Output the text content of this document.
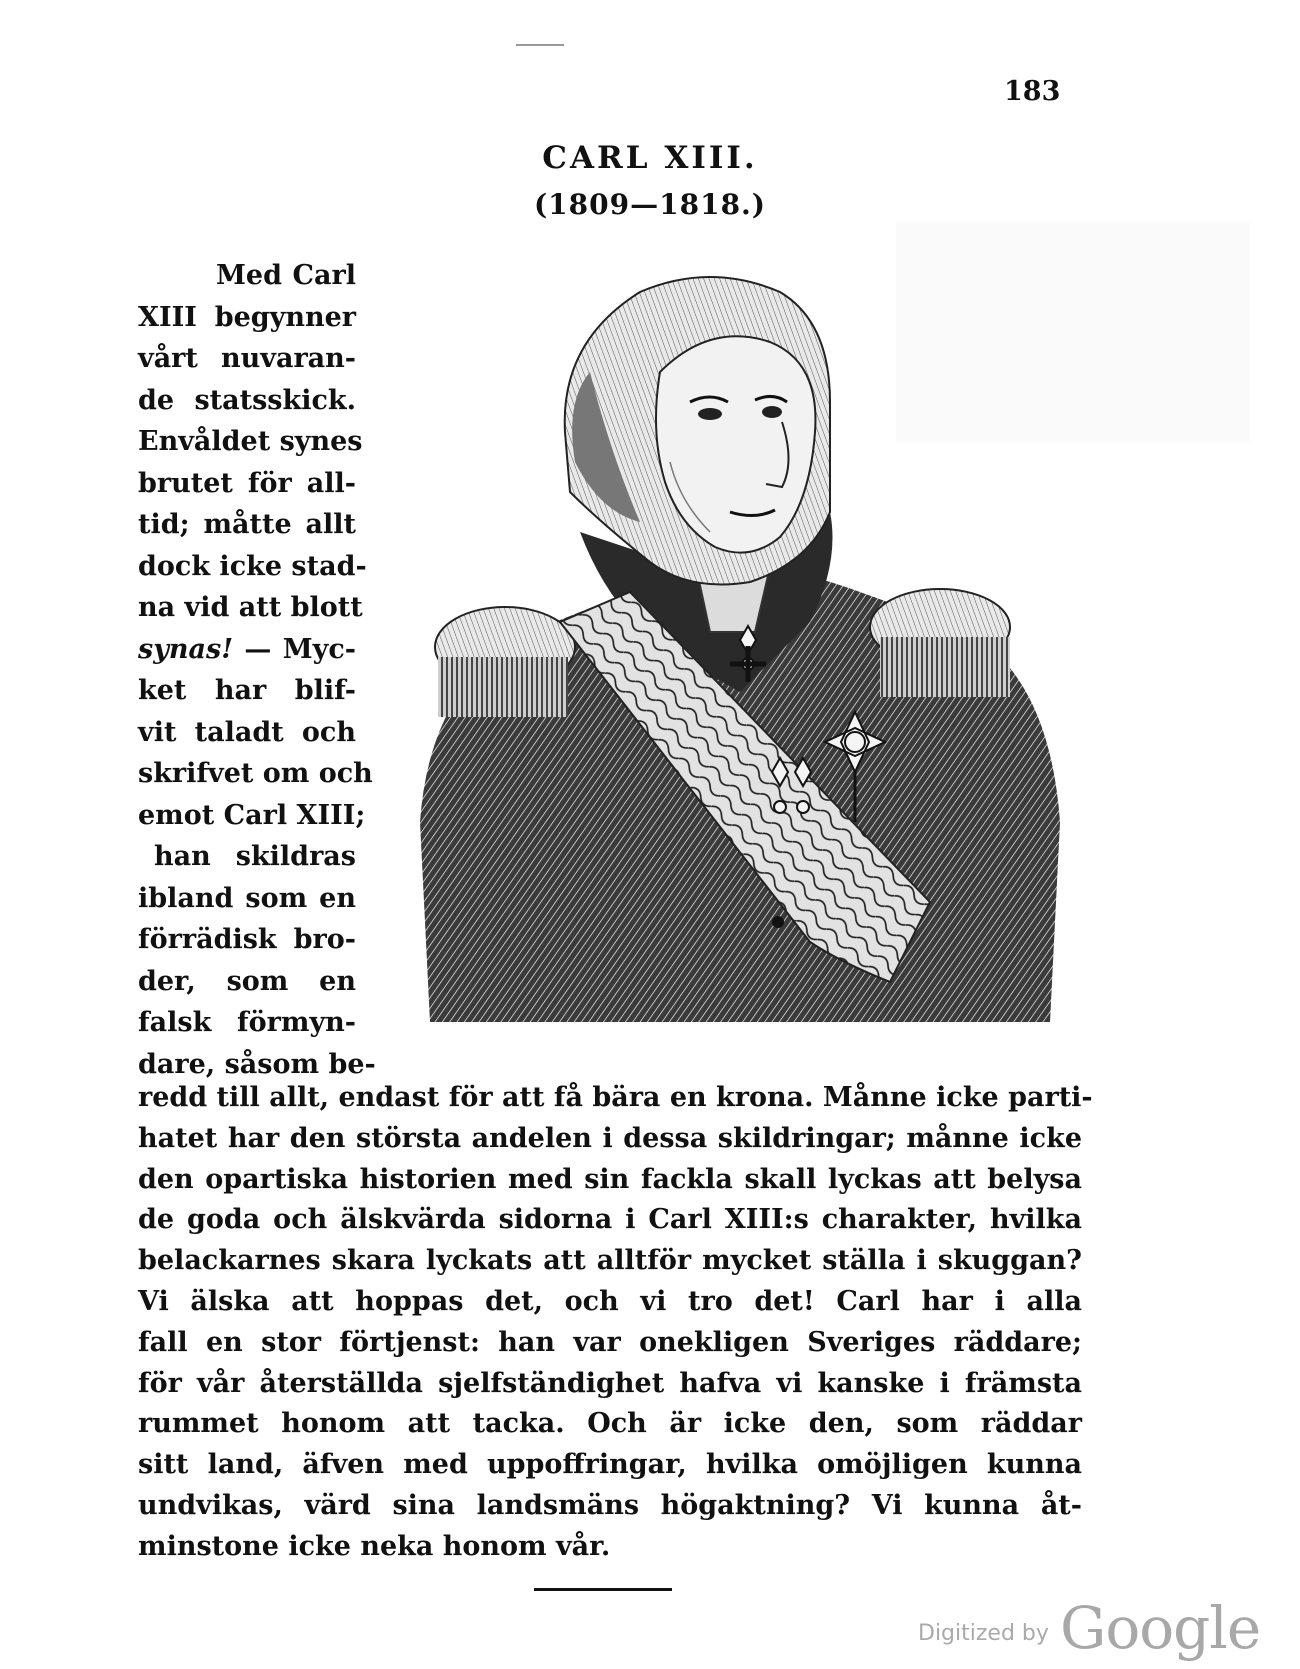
183
CARL XIII.
(1809—1818.)
Med Carl
XIII begynner
vårt nuvaran-
de statsskick.
Envåldet synes
brutet för all-
tid; måtte allt
dock icke stad-
na vid att blott
synas! — Myc-
ket har blif-
vit taladt och
skrifvet om och
emot Carl XIII;
han skildras
ibland som en
förrädisk bro-
der, som en
falsk förmyn-
dare, såsom be-
redd till allt, endast för att få bära en krona. Månne icke parti-
hatet har den största andelen i dessa skildringar; månne icke
den opartiska historien med sin fackla skall lyckas att belysa
de goda och älskvärda sidorna i Carl XIII:s charakter, hvilka
belackarnes skara lyckats att alltför mycket ställa i skuggan?
Vi älska att hoppas det, och vi tro det! Carl har i alla
fall en stor förtjenst: han var onekligen Sveriges räddare;
för vår återställda sjelfständighet hafva vi kanske i främsta
rummet honom att tacka. Och är icke den, som räddar
sitt land, äfven med uppoffringar, hvilka omöjligen kunna
undvikas, värd sina landsmäns högaktning? Vi kunna åt-
minstone icke neka honom vår.
Digitized by Google
